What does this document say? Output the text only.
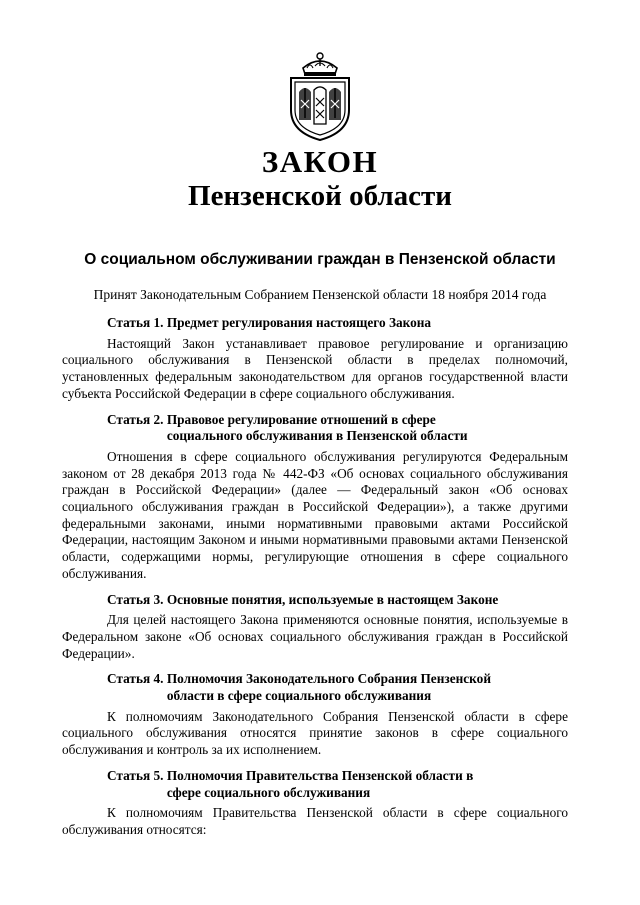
ЗАКОН
Пензенской области
О социальном обслуживании граждан в Пензенской области
Принят Законодательным Собранием Пензенской области 18 ноября 2014 года
Статья 1.
Предмет регулирования настоящего Закона

Настоящий Закон устанавливает правовое регулирование и организацию социального обслуживания в Пензенской области в пределах полномочий, установленных федеральным законодательством для органов государственной власти субъекта Российской Федерации в сфере социального обслуживания.

Статья 2.
Правовое регулирование отношений в сфере социального обслуживания в Пензенской области

Отношения в сфере социального обслуживания регулируются Федеральным законом от 28 декабря 2013 года № 442-ФЗ «Об основах социального обслуживания граждан в Российской Федерации» (далее — Федеральный закон «Об основах социального обслуживания граждан в Российской Федерации»), а также другими федеральными законами, иными нормативными правовыми актами Российской Федерации, настоящим Законом и иными нормативными правовыми актами Пензенской области, содержащими нормы, регулирующие отношения в сфере социального обслуживания.

Статья 3.
Основные понятия, используемые в настоящем Законе

Для целей настоящего Закона применяются основные понятия, используемые в Федеральном законе «Об основах социального обслуживания граждан в Российской Федерации».

Статья 4.
Полномочия Законодательного Собрания Пензенской области в сфере социального обслуживания

К полномочиям Законодательного Собрания Пензенской области в сфере социального обслуживания относятся принятие законов в сфере социального обслуживания и контроль за их исполнением.

Статья 5.
Полномочия Правительства Пензенской области в сфере социального обслуживания

К полномочиям Правительства Пензенской области в сфере социального обслуживания относятся:
